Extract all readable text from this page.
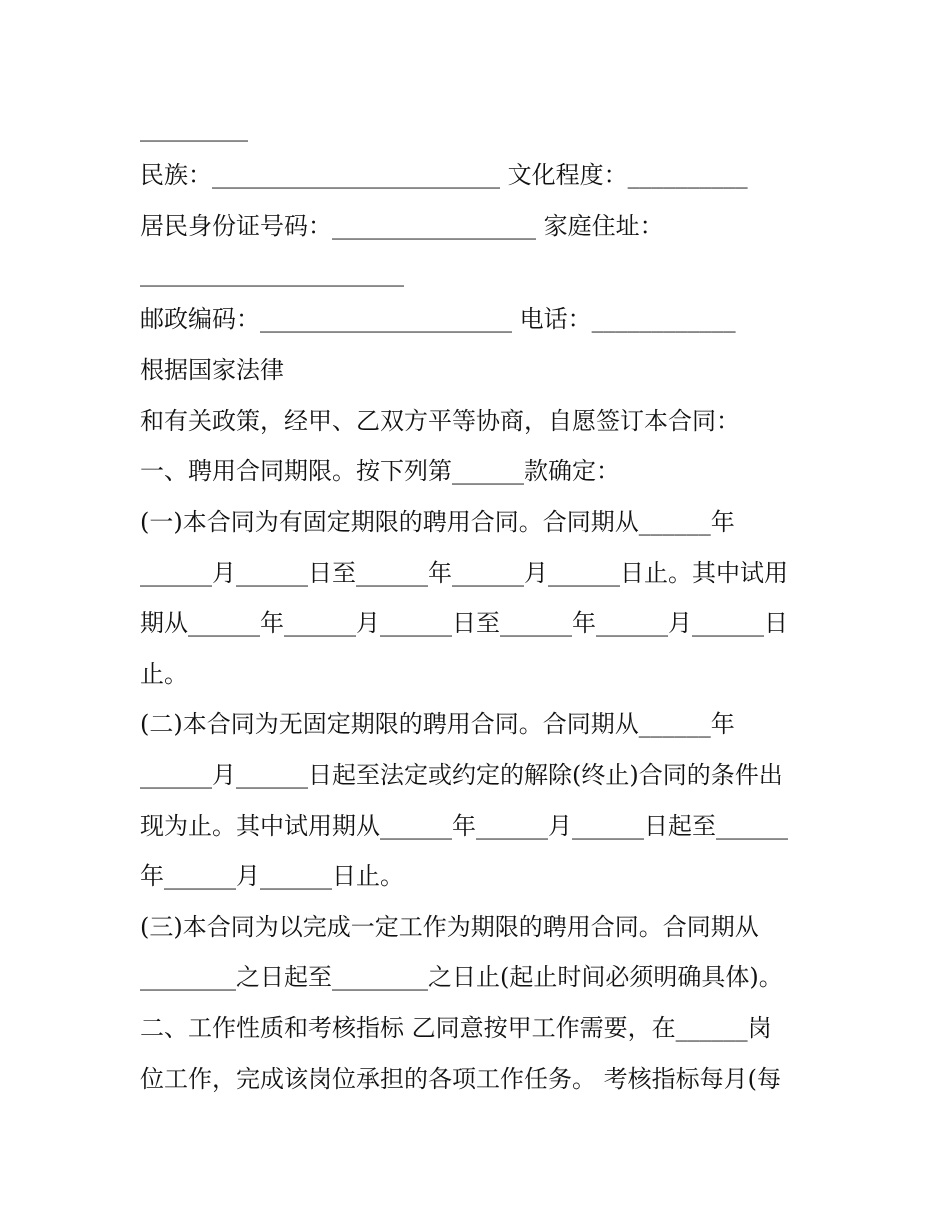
_________
民族：________________________ 文化程度：__________
居民身份证号码：_________________ 家庭住址：
______________________
邮政编码：_____________________ 电话：____________
根据国家法律
和有关政策，经甲、乙双方平等协商，自愿签订本合同：
一、聘用合同期限。按下列第______款确定：
(一)本合同为有固定期限的聘用合同。合同期从______年
______月______日至______年______月______日止。其中试用
期从______年______月______日至______年______月______日
止。
(二)本合同为无固定期限的聘用合同。合同期从______年
______月______日起至法定或约定的解除(终止)合同的条件出
现为止。其中试用期从______年______月______日起至______
年______月______日止。
(三)本合同为以完成一定工作为期限的聘用合同。合同期从
________之日起至________之日止(起止时间必须明确具体)。
二、工作性质和考核指标 乙同意按甲工作需要，在______岗
位工作，完成该岗位承担的各项工作任务。 考核指标每月(每
